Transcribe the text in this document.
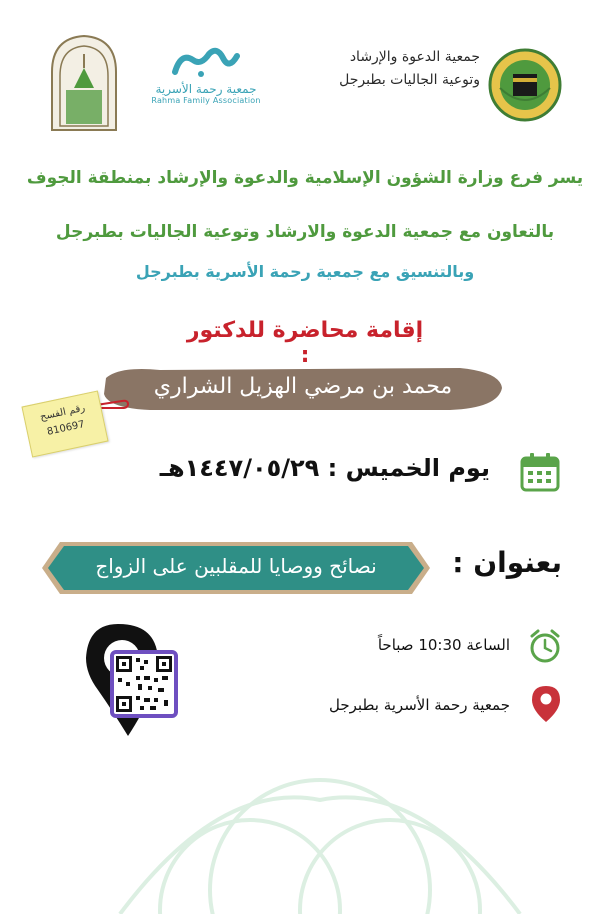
جمعية رحمة الأسرية
Rahma Family Association
جمعية الدعوة والإرشاد
وتوعية الجاليات بطبرجل
يسر فرع وزارة الشؤون الإسلامية والدعوة والإرشاد بمنطقة الجوف
بالتعاون مع جمعية الدعوة والارشاد وتوعية الجاليات بطبرجل
وبالتنسيق مع جمعية رحمة الأسرية بطبرجل
إقامة محاضرة للدكتور :
محمد بن مرضي الهزيل الشراري
رقم الفسح
810697
يوم الخميس : ١٤٤٧/٠٥/٢٩هـ
بعنوان :
نصائح ووصايا للمقلبين على الزواج
الساعة 10:30 صباحاً
جمعية رحمة الأسرية بطبرجل
